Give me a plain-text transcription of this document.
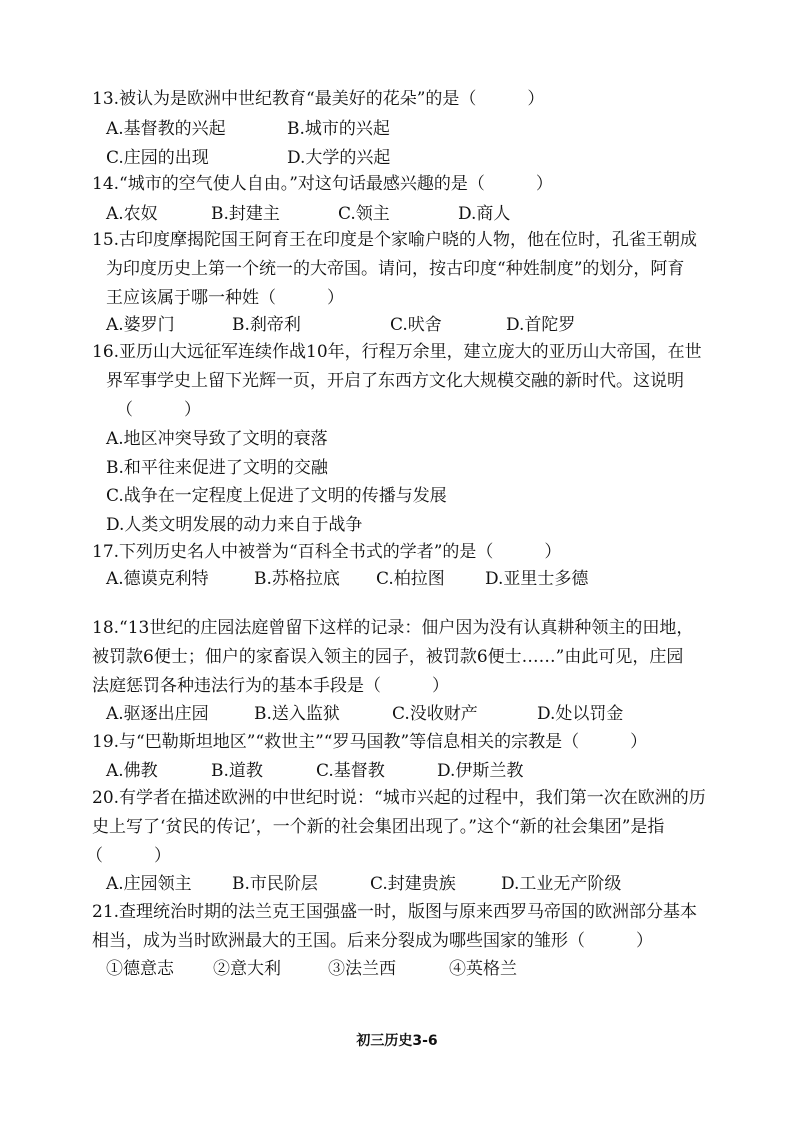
13.被认为是欧洲中世纪教育“最美好的花朵”的是（　　　）
A.基督教的兴起	B.城市的兴起
C.庄园的出现	D.大学的兴起
14.“城市的空气使人自由。”对这句话最感兴趣的是（　　　）
A.农奴	B.封建主	C.领主	D.商人
15.古印度摩揭陀国王阿育王在印度是个家喻户晓的人物，他在位时，孔雀王朝成
为印度历史上第一个统一的大帝国。请问，按古印度“种姓制度”的划分，阿育
王应该属于哪一种姓（　　　）
A.婆罗门	B.刹帝利	C.吠舍	D.首陀罗
16.亚历山大远征军连续作战10年，行程万余里，建立庞大的亚历山大帝国，在世
界军事学史上留下光辉一页，开启了东西方文化大规模交融的新时代。这说明
（　　　）
A.地区冲突导致了文明的衰落
B.和平往来促进了文明的交融
C.战争在一定程度上促进了文明的传播与发展
D.人类文明发展的动力来自于战争
17.下列历史名人中被誉为“百科全书式的学者”的是（　　　）
A.德谟克利特	B.苏格拉底 C.柏拉图 D.亚里士多德
18.“13世纪的庄园法庭曾留下这样的记录：佃户因为没有认真耕种领主的田地，
被罚款6便士；佃户的家畜误入领主的园子，被罚款6便士……”由此可见，庄园
法庭惩罚各种违法行为的基本手段是（　　　）
A.驱逐出庄园	B.送入监狱	C.没收财产	D.处以罚金
19.与“巴勒斯坦地区”“救世主”“罗马国教”等信息相关的宗教是（　　　）
A.佛教	B.道教	C.基督教	D.伊斯兰教
20.有学者在描述欧洲的中世纪时说：“城市兴起的过程中，我们第一次在欧洲的历
史上写了‘贫民的传记’，一个新的社会集团出现了。”这个“新的社会集团”是指
（　　　）
A.庄园领主 B.市民阶层	C.封建贵族	D.工业无产阶级
21.查理统治时期的法兰克王国强盛一时，版图与原来西罗马帝国的欧洲部分基本
相当，成为当时欧洲最大的王国。后来分裂成为哪些国家的雏形（　　　）
①德意志 ②意大利	③法兰西	④英格兰
初三历史3-6
